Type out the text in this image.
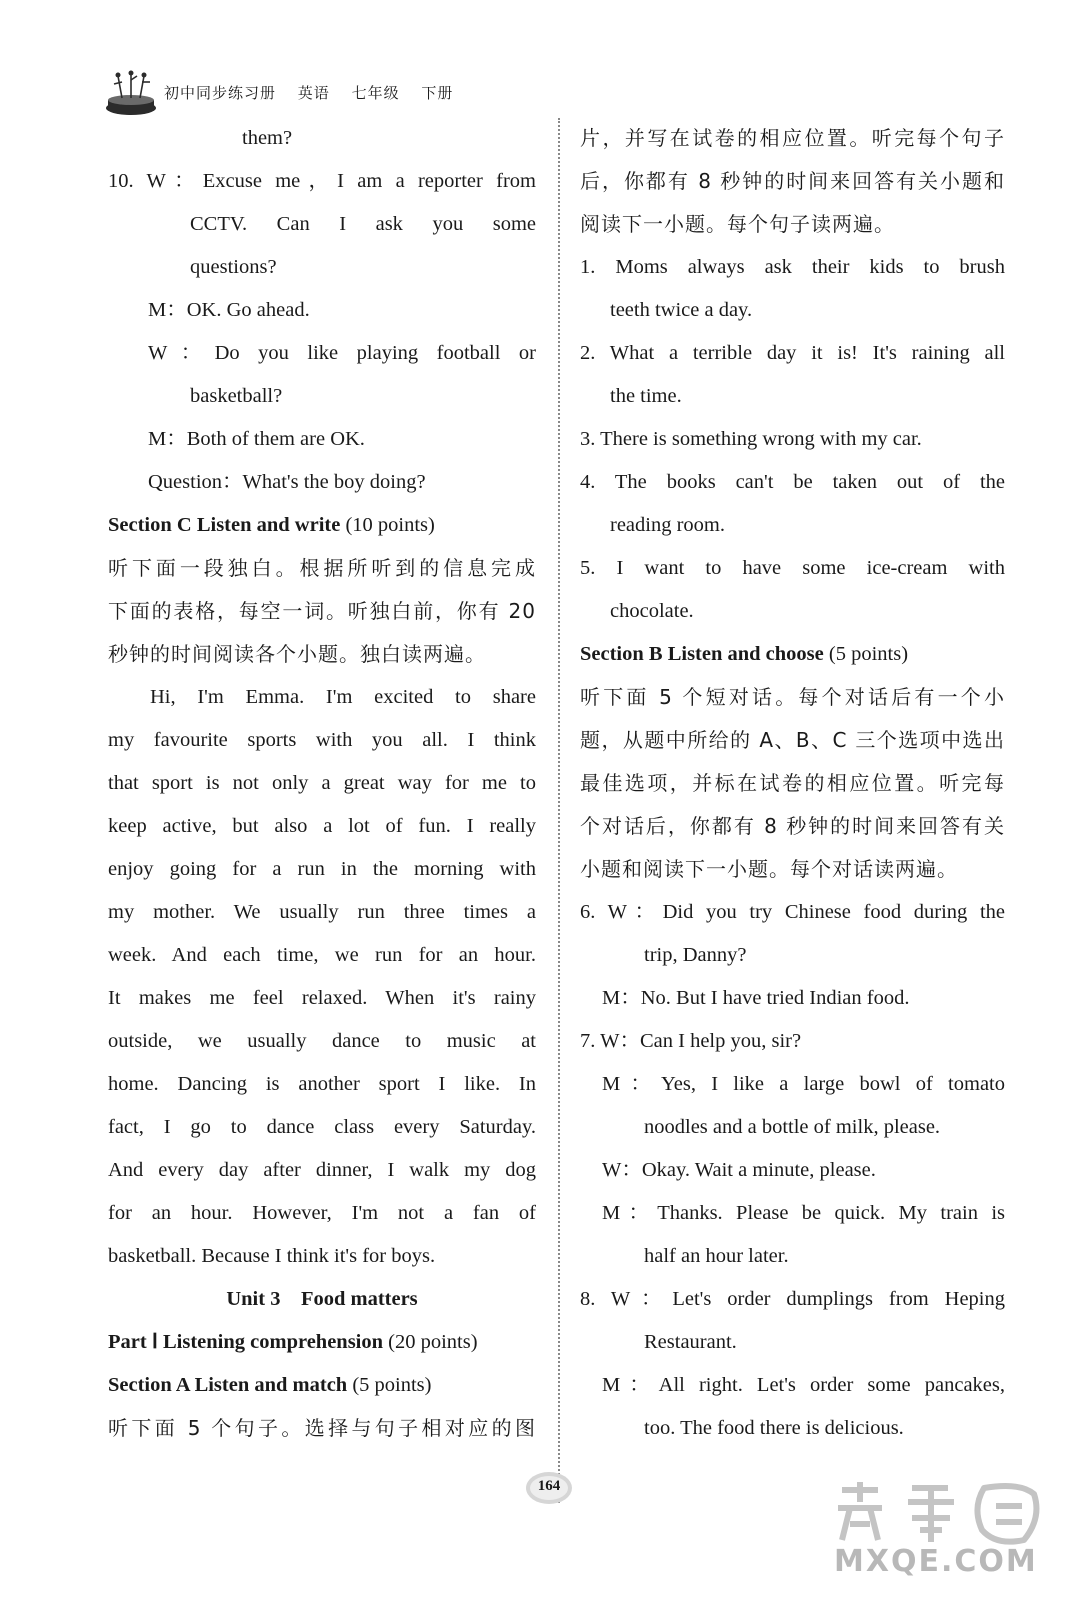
初中同步练习册 英语 七年级 下册
them?
10. W：Excuse me，I am a reporter from
CCTV. Can I ask you some
questions?
M：OK. Go ahead.
W：Do you like playing football or
basketball?
M：Both of them are OK.
Question：What's the boy doing?
Section C Listen and write (10 points)
听下面一段独白。根据所听到的信息完成
下面的表格，每空一词。听独白前，你有 20
秒钟的时间阅读各个小题。独白读两遍。
Hi, I'm Emma. I'm excited to share
my favourite sports with you all. I think
that sport is not only a great way for me to
keep active, but also a lot of fun. I really
enjoy going for a run in the morning with
my mother. We usually run three times a
week. And each time, we run for an hour.
It makes me feel relaxed. When it's rainy
outside, we usually dance to music at
home. Dancing is another sport I like. In
fact, I go to dance class every Saturday.
And every day after dinner, I walk my dog
for an hour. However, I'm not a fan of
basketball. Because I think it's for boys.
Unit 3    Food matters
Part Ⅰ Listening comprehension (20 points)
Section A Listen and match (5 points)
听下面 5 个句子。选择与句子相对应的图
片，并写在试卷的相应位置。听完每个句子
后，你都有 8 秒钟的时间来回答有关小题和
阅读下一小题。每个句子读两遍。
1. Moms always ask their kids to brush
teeth twice a day.
2. What a terrible day it is! It's raining all
the time.
3. There is something wrong with my car.
4. The books can't be taken out of the
reading room.
5. I want to have some ice-cream with
chocolate.
Section B Listen and choose (5 points)
听下面 5 个短对话。每个对话后有一个小
题，从题中所给的 A、B、C 三个选项中选出
最佳选项，并标在试卷的相应位置。听完每
个对话后，你都有 8 秒钟的时间来回答有关
小题和阅读下一小题。每个对话读两遍。
6. W：Did you try Chinese food during the
trip, Danny?
M：No. But I have tried Indian food.
7. W：Can I help you, sir?
M：Yes, I like a large bowl of tomato
noodles and a bottle of milk, please.
W：Okay. Wait a minute, please.
M：Thanks. Please be quick. My train is
half an hour later.
8. W：Let's order dumplings from Heping
Restaurant.
M：All right. Let's order some pancakes,
too. The food there is delicious.
164
MXQE.COM
